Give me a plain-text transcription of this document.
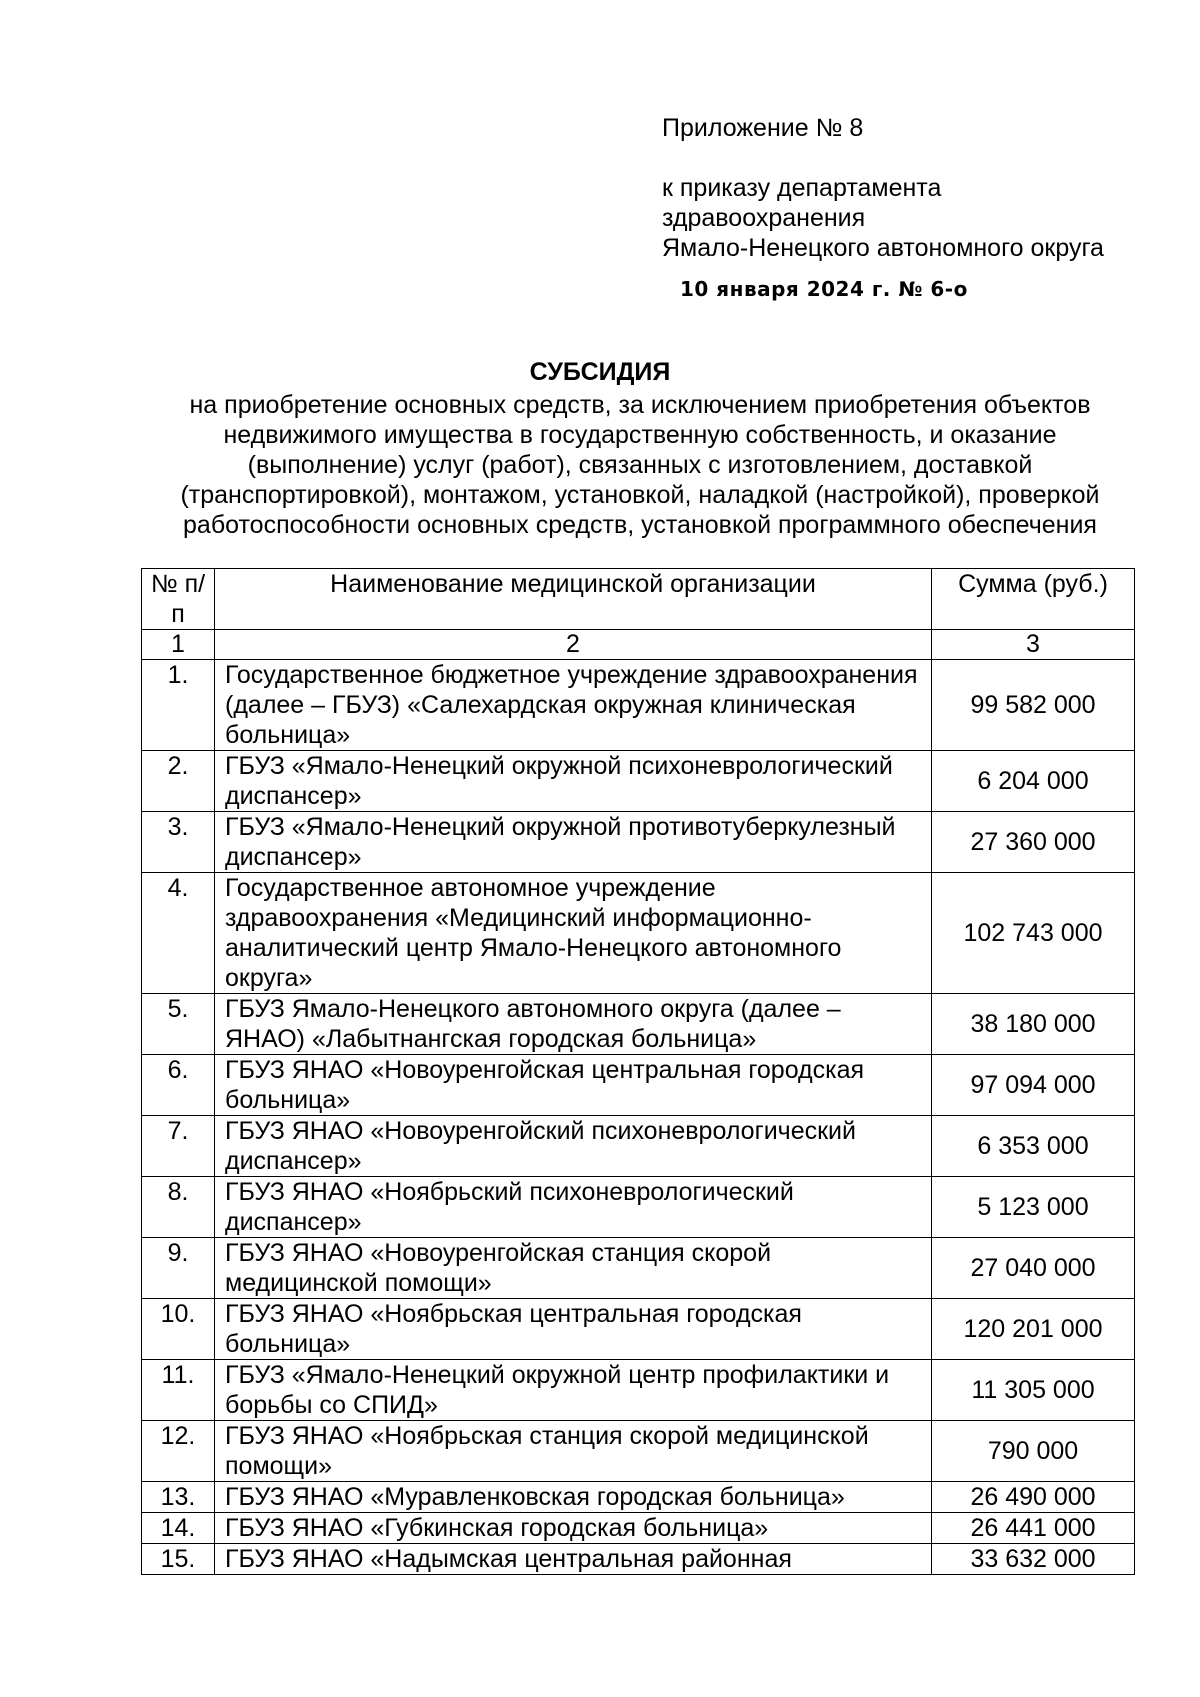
Приложение № 8
к приказу департамента
здравоохранения
Ямало-Ненецкого автономного округа
10 января 2024 г. № 6-о
СУБСИДИЯ
на приобретение основных средств, за исключением приобретения объектов
недвижимого имущества в государственную собственность, и оказание
(выполнение) услуг (работ), связанных с изготовлением, доставкой
(транспортировкой), монтажом, установкой, наладкой (настройкой), проверкой
работоспособности основных средств, установкой программного обеспечения
№ п/п	Наименование медицинской организации	Сумма (руб.)
1	2	3
1.	Государственное бюджетное учреждение здравоохранения (далее – ГБУЗ) «Салехардская окружная клиническая больница»	99 582 000
2.	ГБУЗ «Ямало-Ненецкий окружной психоневрологический диспансер»	6 204 000
3.	ГБУЗ «Ямало-Ненецкий окружной противотуберкулезный диспансер»	27 360 000
4.	Государственное автономное учреждение здравоохранения «Медицинский информационно-аналитический центр Ямало-Ненецкого автономного округа»	102 743 000
5.	ГБУЗ Ямало-Ненецкого автономного округа (далее – ЯНАО) «Лабытнангская городская больница»	38 180 000
6.	ГБУЗ ЯНАО «Новоуренгойская центральная городская больница»	97 094 000
7.	ГБУЗ ЯНАО «Новоуренгойский психоневрологический диспансер»	6 353 000
8.	ГБУЗ ЯНАО «Ноябрьский психоневрологический диспансер»	5 123 000
9.	ГБУЗ ЯНАО «Новоуренгойская станция скорой медицинской помощи»	27 040 000
10.	ГБУЗ ЯНАО «Ноябрьская центральная городская больница»	120 201 000
11.	ГБУЗ «Ямало-Ненецкий окружной центр профилактики и борьбы со СПИД»	11 305 000
12.	ГБУЗ ЯНАО «Ноябрьская станция скорой медицинской помощи»	790 000
13.	ГБУЗ ЯНАО «Муравленковская городская больница»	26 490 000
14.	ГБУЗ ЯНАО «Губкинская городская больница»	26 441 000
15.	ГБУЗ ЯНАО «Надымская центральная районная	33 632 000
